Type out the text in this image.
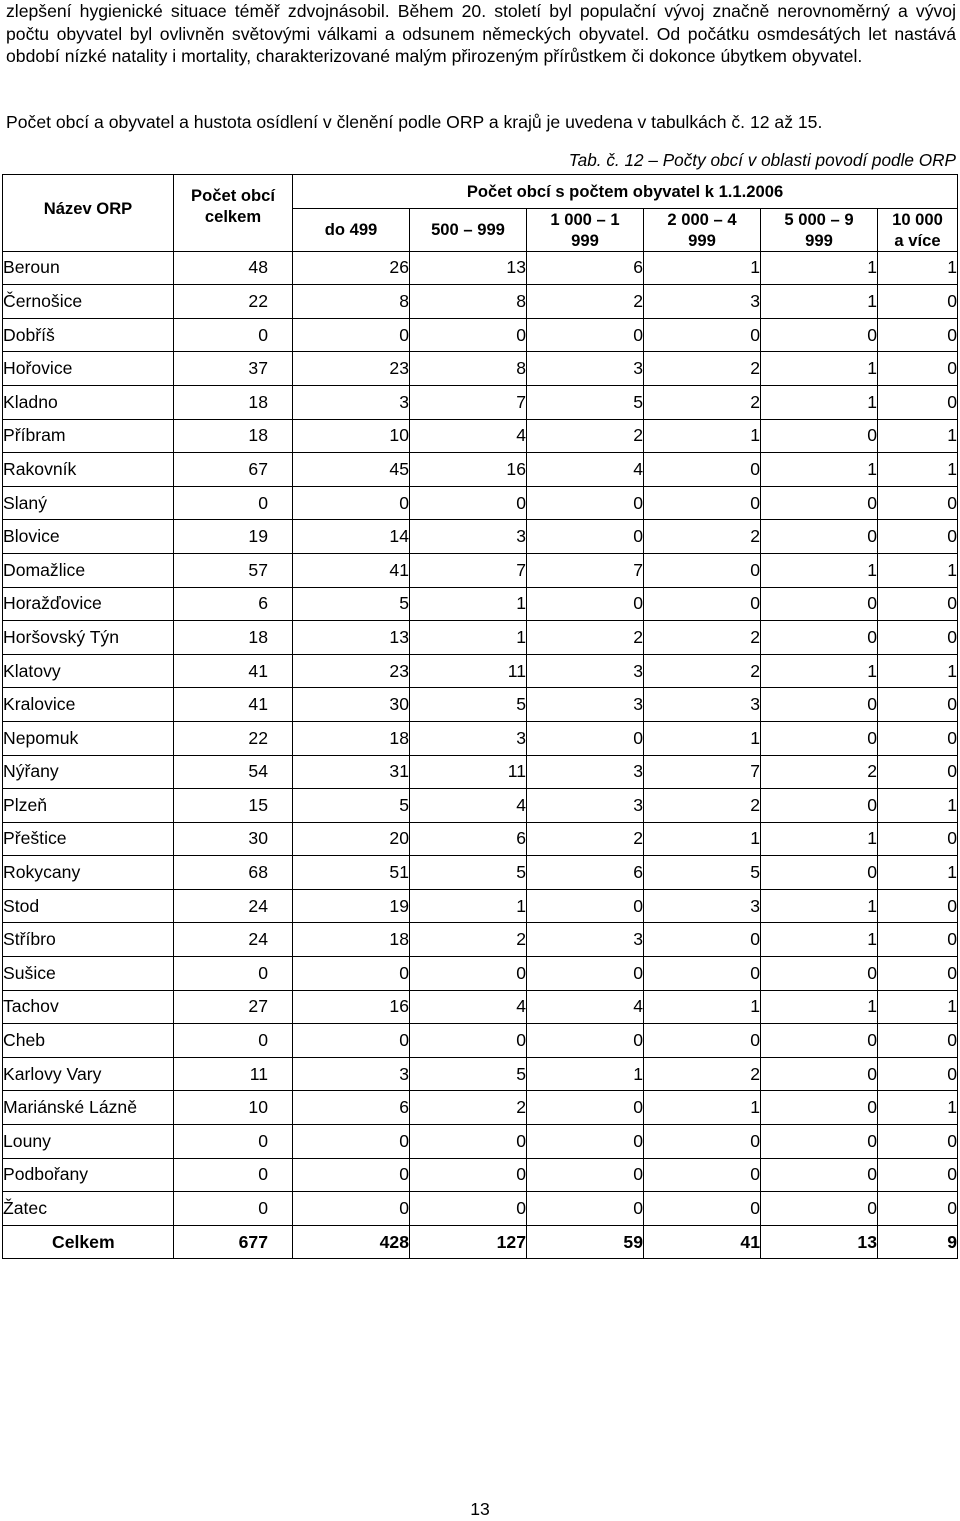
zlepšení hygienické situace téměř zdvojnásobil. Během 20. století byl populační vývoj značně nerovnoměrný a vývoj počtu obyvatel byl ovlivněn světovými válkami a odsunem německých obyvatel. Od počátku osmdesátých let nastává období nízké natality i mortality, charakterizované malým přirozeným přírůstkem či dokonce úbytkem obyvatel.

Počet obcí a obyvatel a hustota osídlení v členění podle ORP a krajů je uvedena v tabulkách č. 12 až 15.

Tab. č. 12 – Počty obcí v oblasti povodí podle ORP
Název ORP	Počet obcí celkem	Počet obcí s počtem obyvatel k 1.1.2006					
		do 499	500 – 999	1 000 – 1 999	2 000 – 4 999	5 000 – 9 999	10 000 a více
Beroun	48	26	13	6	1	1	1
Černošice	22	8	8	2	3	1	0
Dobříš	0	0	0	0	0	0	0
Hořovice	37	23	8	3	2	1	0
Kladno	18	3	7	5	2	1	0
Příbram	18	10	4	2	1	0	1
Rakovník	67	45	16	4	0	1	1
Slaný	0	0	0	0	0	0	0
Blovice	19	14	3	0	2	0	0
Domažlice	57	41	7	7	0	1	1
Horažďovice	6	5	1	0	0	0	0
Horšovský Týn	18	13	1	2	2	0	0
Klatovy	41	23	11	3	2	1	1
Kralovice	41	30	5	3	3	0	0
Nepomuk	22	18	3	0	1	0	0
Nýřany	54	31	11	3	7	2	0
Plzeň	15	5	4	3	2	0	1
Přeštice	30	20	6	2	1	1	0
Rokycany	68	51	5	6	5	0	1
Stod	24	19	1	0	3	1	0
Stříbro	24	18	2	3	0	1	0
Sušice	0	0	0	0	0	0	0
Tachov	27	16	4	4	1	1	1
Cheb	0	0	0	0	0	0	0
Karlovy Vary	11	3	5	1	2	0	0
Mariánské Lázně	10	6	2	0	1	0	1
Louny	0	0	0	0	0	0	0
Podbořany	0	0	0	0	0	0	0
Žatec	0	0	0	0	0	0	0
Celkem	677	428	127	59	41	13	9
13
